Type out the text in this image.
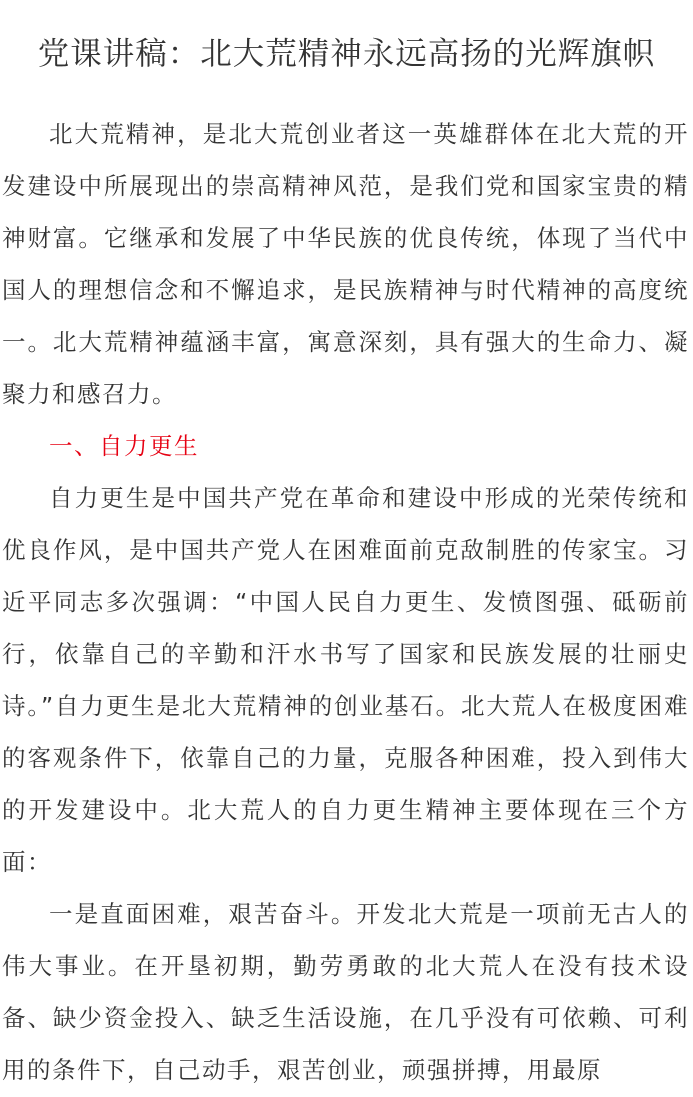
党课讲稿：北大荒精神永远高扬的光辉旗帜

北大荒精神，是北大荒创业者这一英雄群体在北大荒的开发建设中所展现出的崇高精神风范，是我们党和国家宝贵的精神财富。它继承和发展了中华民族的优良传统，体现了当代中国人的理想信念和不懈追求，是民族精神与时代精神的高度统一。北大荒精神蕴涵丰富，寓意深刻，具有强大的生命力、凝聚力和感召力。

一、自力更生

自力更生是中国共产党在革命和建设中形成的光荣传统和优良作风，是中国共产党人在困难面前克敌制胜的传家宝。习近平同志多次强调：“中国人民自力更生、发愤图强、砥砺前行，依靠自己的辛勤和汗水书写了国家和民族发展的壮丽史诗。”自力更生是北大荒精神的创业基石。北大荒人在极度困难的客观条件下，依靠自己的力量，克服各种困难，投入到伟大的开发建设中。北大荒人的自力更生精神主要体现在三个方面：

一是直面困难，艰苦奋斗。开发北大荒是一项前无古人的伟大事业。在开垦初期，勤劳勇敢的北大荒人在没有技术设备、缺少资金投入、缺乏生活设施，在几乎没有可依赖、可利用的条件下，自己动手，艰苦创业，顽强拼搏，用最原
